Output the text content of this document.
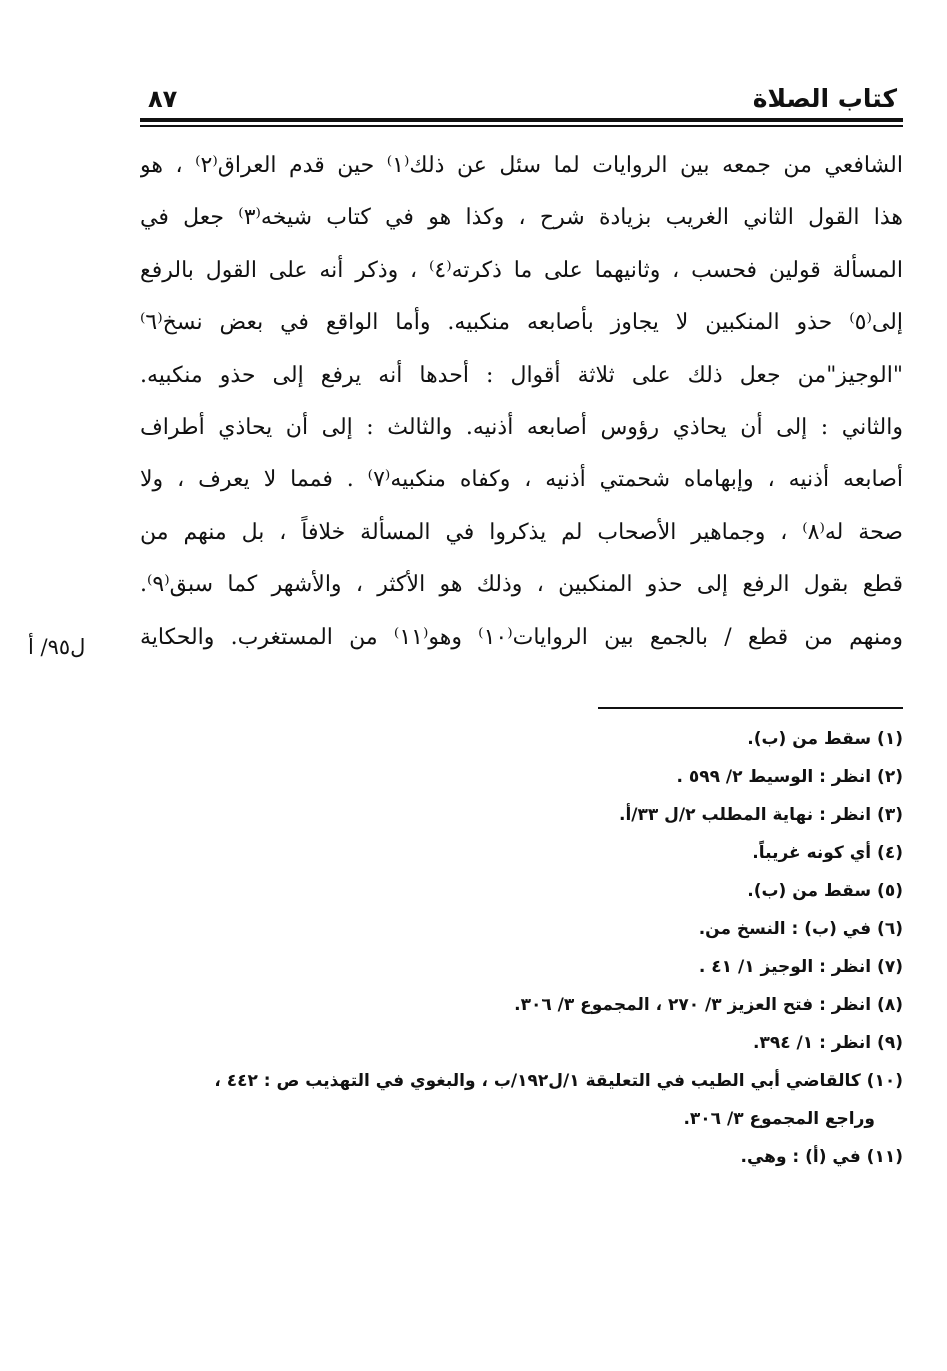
كتاب الصلاة
٨٧
الشافعي من جمعه بين الروايات لما سئل عن ذلك⁽١⁾ حين قدم العراق⁽٢⁾ ، هو
هذا القول الثاني الغريب بزيادة شرح ، وكذا هو في كتاب شيخه⁽٣⁾ جعل في
المسألة قولين فحسب ، وثانيهما على ما ذكرته⁽٤⁾ ، وذكر أنه على القول بالرفع
إلى⁽٥⁾ حذو المنكبين لا يجاوز بأصابعه منكبيه. وأما الواقع في بعض نسخ⁽٦⁾
"الوجيز"من جعل ذلك على ثلاثة أقوال : أحدها أنه يرفع إلى حذو منكبيه.
والثاني : إلى أن يحاذي رؤوس أصابعه أذنيه. والثالث : إلى أن يحاذي أطراف
أصابعه أذنيه ، وإبهاماه شحمتي أذنيه ، وكفاه منكبيه⁽٧⁾ . فمما لا يعرف ، ولا
صحة له⁽٨⁾ ، وجماهير الأصحاب لم يذكروا في المسألة خلافاً ، بل منهم من
قطع بقول الرفع إلى حذو المنكبين ، وذلك هو الأكثر ، والأشهر كما سبق⁽٩⁾.
ومنهم من قطع / بالجمع بين الروايات⁽١٠⁾ وهو⁽١١⁾ من المستغرب. والحكاية
ل٩٥/ أ
(١) سقط من (ب).
(٢) انظر : الوسيط ٢/ ٥٩٩ .
(٣) انظر : نهاية المطلب ٢/ل ٣٣/أ.
(٤) أي كونه غريباً.
(٥) سقط من (ب).
(٦) في (ب) : النسخ من.
(٧) انظر : الوجيز ١/ ٤١ .
(٨) انظر : فتح العزيز ٣/ ٢٧٠ ، المجموع ٣/ ٣٠٦.
(٩) انظر : ١/ ٣٩٤.
(١٠) كالقاضي أبي الطيب في التعليقة ١/ل١٩٢/ب ، والبغوي في التهذيب ص : ٤٤٢ ،
وراجع المجموع ٣/ ٣٠٦.
(١١) في (أ) : وهي.
